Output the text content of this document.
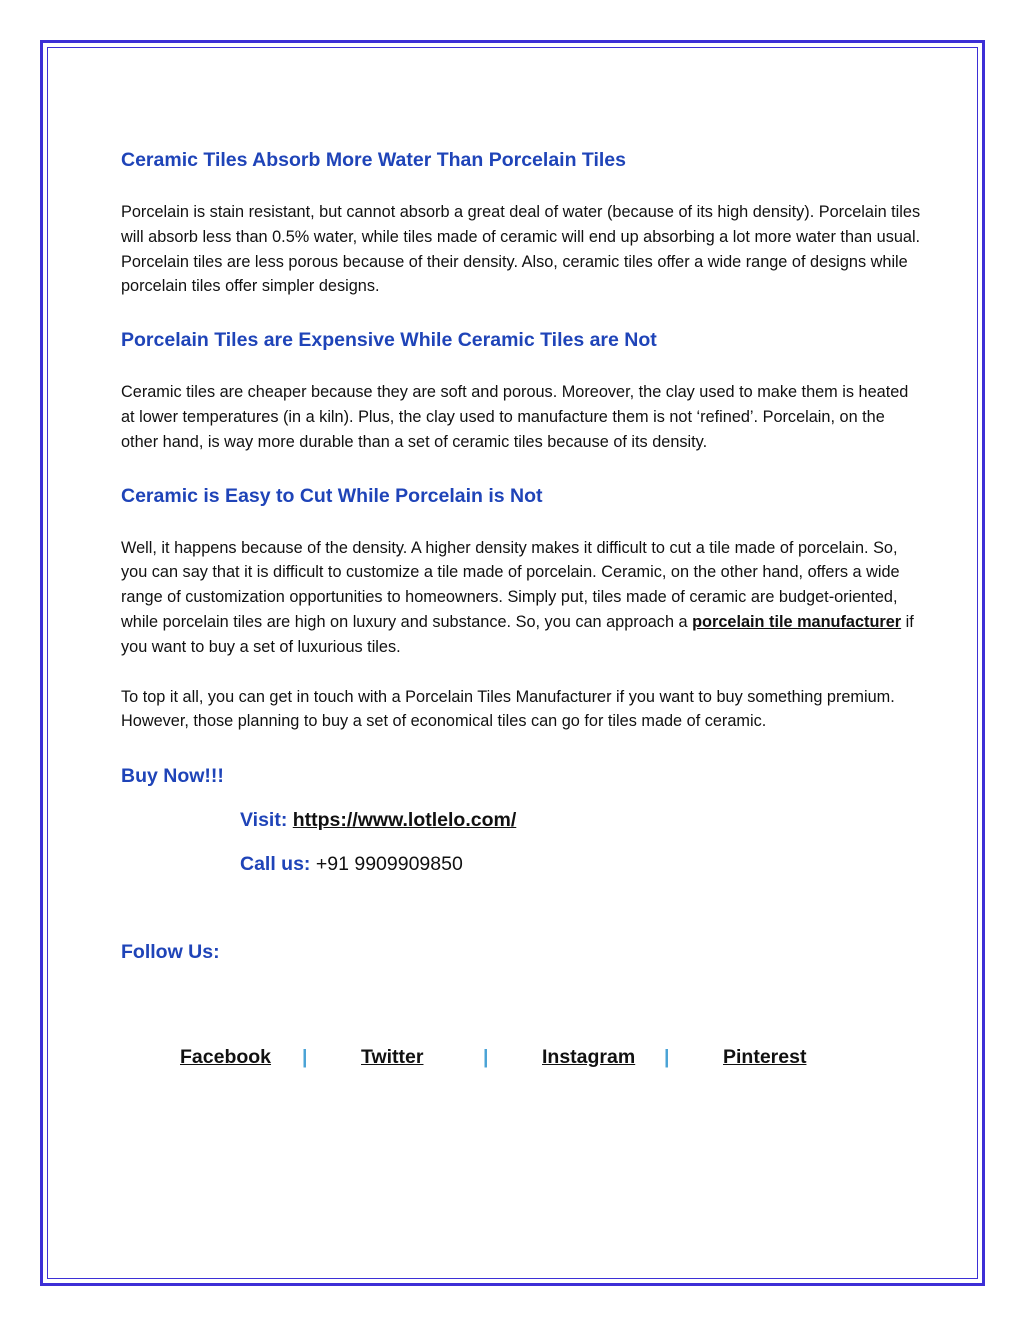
Ceramic Tiles Absorb More Water Than Porcelain Tiles

Porcelain is stain resistant, but cannot absorb a great deal of water (because of its high density). Porcelain tiles will absorb less than 0.5% water, while tiles made of ceramic will end up absorbing a lot more water than usual. Porcelain tiles are less porous because of their density. Also, ceramic tiles offer a wide range of designs while porcelain tiles offer simpler designs.

Porcelain Tiles are Expensive While Ceramic Tiles are Not

Ceramic tiles are cheaper because they are soft and porous. Moreover, the clay used to make them is heated at lower temperatures (in a kiln). Plus, the clay used to manufacture them is not ‘refined’. Porcelain, on the other hand, is way more durable than a set of ceramic tiles because of its density.

Ceramic is Easy to Cut While Porcelain is Not

Well, it happens because of the density. A higher density makes it difficult to cut a tile made of porcelain. So, you can say that it is difficult to customize a tile made of porcelain. Ceramic, on the other hand, offers a wide range of customization opportunities to homeowners. Simply put, tiles made of ceramic are budget-oriented, while porcelain tiles are high on luxury and substance. So, you can approach a porcelain tile manufacturer if you want to buy a set of luxurious tiles.

To top it all, you can get in touch with a Porcelain Tiles Manufacturer if you want to buy something premium. However, those planning to buy a set of economical tiles can go for tiles made of ceramic.

Buy Now!!!
Visit: https://www.lotlelo.com/
Call us: +91 9909909850
Follow Us:
Facebook |	Twitter	|	Instagram |	Pinterest
